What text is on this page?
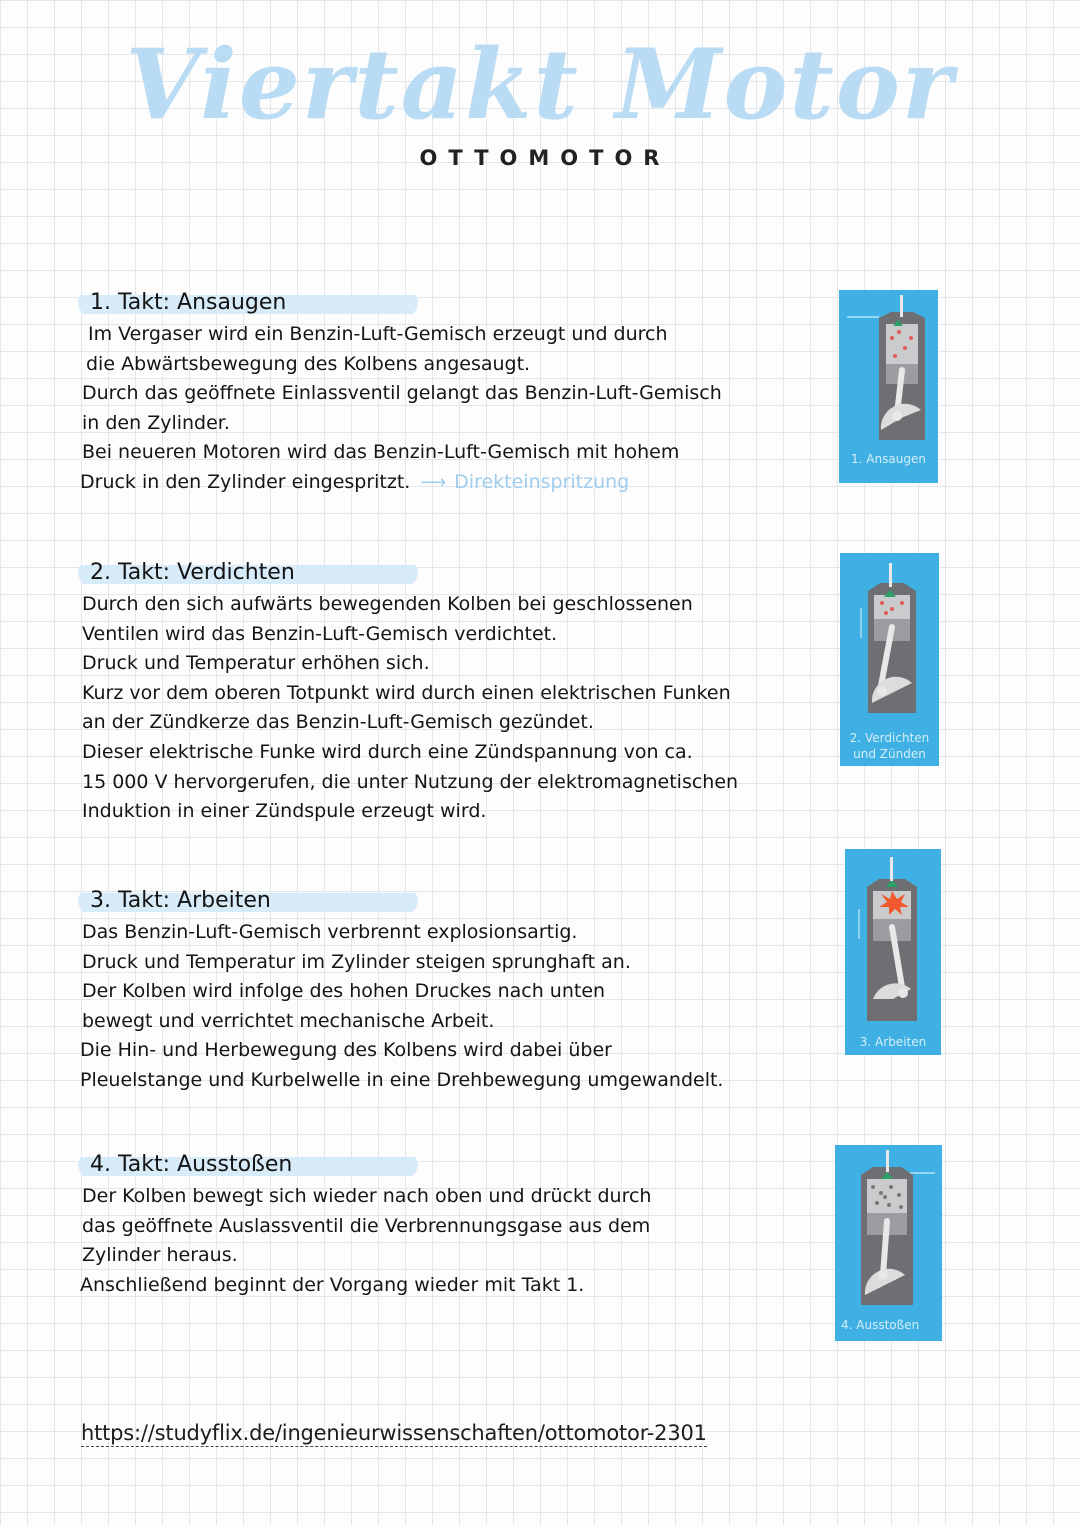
Viertakt Motor
OTTOMOTOR
1. Takt: Ansaugen
Im Vergaser wird ein Benzin-Luft-Gemisch erzeugt und durch
die Abwärtsbewegung des Kolbens angesaugt.
Durch das geöffnete Einlassventil gelangt das Benzin-Luft-Gemisch
in den Zylinder.
Bei neueren Motoren wird das Benzin-Luft-Gemisch mit hohem
Druck in den Zylinder eingespritzt. ⟶ Direkteinspritzung
2. Takt: Verdichten
Durch den sich aufwärts bewegenden Kolben bei geschlossenen
Ventilen wird das Benzin-Luft-Gemisch verdichtet.
Druck und Temperatur erhöhen sich.
Kurz vor dem oberen Totpunkt wird durch einen elektrischen Funken
an der Zündkerze das Benzin-Luft-Gemisch gezündet.
Dieser elektrische Funke wird durch eine Zündspannung von ca.
15 000 V hervorgerufen, die unter Nutzung der elektromagnetischen
Induktion in einer Zündspule erzeugt wird.
3. Takt: Arbeiten
Das Benzin-Luft-Gemisch verbrennt explosionsartig.
Druck und Temperatur im Zylinder steigen sprunghaft an.
Der Kolben wird infolge des hohen Druckes nach unten
bewegt und verrichtet mechanische Arbeit.
Die Hin- und Herbewegung des Kolbens wird dabei über
Pleuelstange und Kurbelwelle in eine Drehbewegung umgewandelt.
4. Takt: Ausstoßen
Der Kolben bewegt sich wieder nach oben und drückt durch
das geöffnete Auslassventil die Verbrennungsgase aus dem
Zylinder heraus.
Anschließend beginnt der Vorgang wieder mit Takt 1.
1. Ansaugen
2. Verdichten
und Zünden
3. Arbeiten
4. Ausstoßen
https://studyflix.de/ingenieurwissenschaften/ottomotor-2301
